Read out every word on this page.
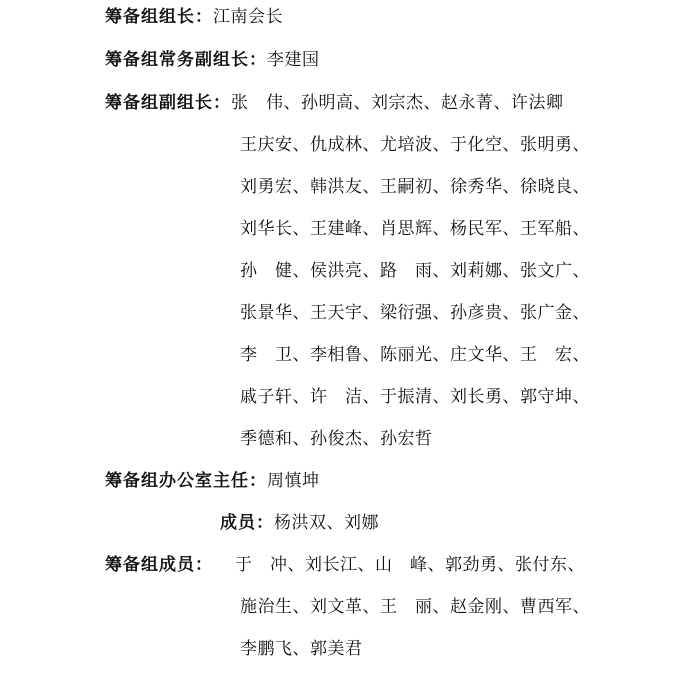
筹备组组长：江南会长
筹备组常务副组长：李建国
筹备组副组长：张　伟、孙明高、刘宗杰、赵永菁、许法卿
王庆安、仇成林、尤培波、于化空、张明勇、
刘勇宏、韩洪友、王嗣初、徐秀华、徐晓良、
刘华长、王建峰、肖思辉、杨民军、王军船、
孙　健、侯洪亮、路　雨、刘莉娜、张文广、
张景华、王天宇、梁衍强、孙彦贵、张广金、
李　卫、李相鲁、陈丽光、庄文华、王　宏、
戚子轩、许　洁、于振清、刘长勇、郭守坤、
季德和、孙俊杰、孙宏哲
筹备组办公室主任：周慎坤
成员：杨洪双、刘娜
筹备组成员： 于　冲、刘长江、山　峰、郭劲勇、张付东、
施治生、刘文革、王　丽、赵金刚、曹西军、
李鹏飞、郭美君
